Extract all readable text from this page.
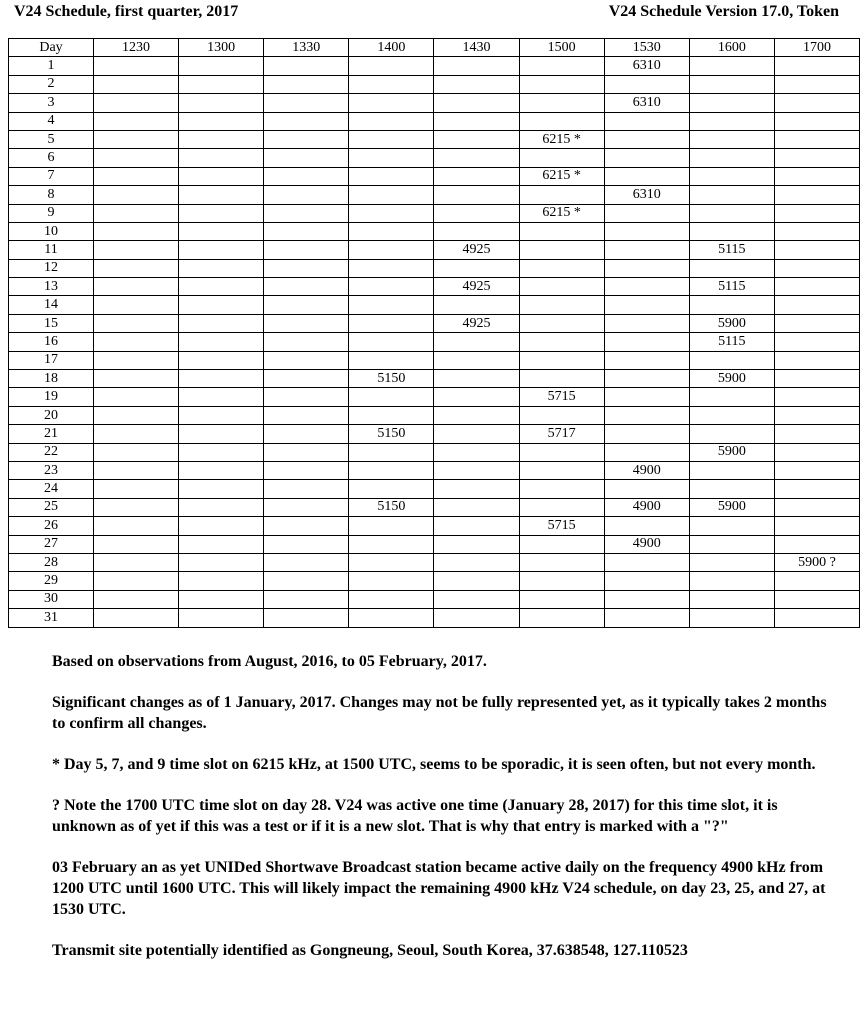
V24 Schedule, first quarter, 2017	V24 Schedule Version 17.0, Token
Day	1230	1300	1330	1400	1430	1500	1530	1600	1700
1							6310		
2									
3							6310		
4									
5						6215 *			
6									
7						6215 *			
8							6310		
9						6215 *			
10									
11					4925			5115	
12									
13					4925			5115	
14									
15					4925			5900	
16								5115	
17									
18				5150				5900	
19						5715			
20									
21				5150		5717			
22								5900	
23							4900		
24									
25				5150			4900	5900	
26						5715			
27							4900		
28									5900 ?
29									
30									
31									

Based on observations from August, 2016, to 05 February, 2017.

Significant changes as of 1 January, 2017. Changes may not be fully represented yet, as it typically takes 2 months to confirm all changes.

* Day 5, 7, and 9 time slot on 6215 kHz, at 1500 UTC, seems to be sporadic, it is seen often, but not every month.

? Note the 1700 UTC time slot on day 28. V24 was active one time (January 28, 2017) for this time slot, it is unknown as of yet if this was a test or if it is a new slot. That is why that entry is marked with a "?"

03 February an as yet UNIDed Shortwave Broadcast station became active daily on the frequency 4900 kHz from 1200 UTC until 1600 UTC. This will likely impact the remaining 4900 kHz V24 schedule, on day 23, 25, and 27, at 1530 UTC.

Transmit site potentially identified as Gongneung, Seoul, South Korea, 37.638548, 127.110523
